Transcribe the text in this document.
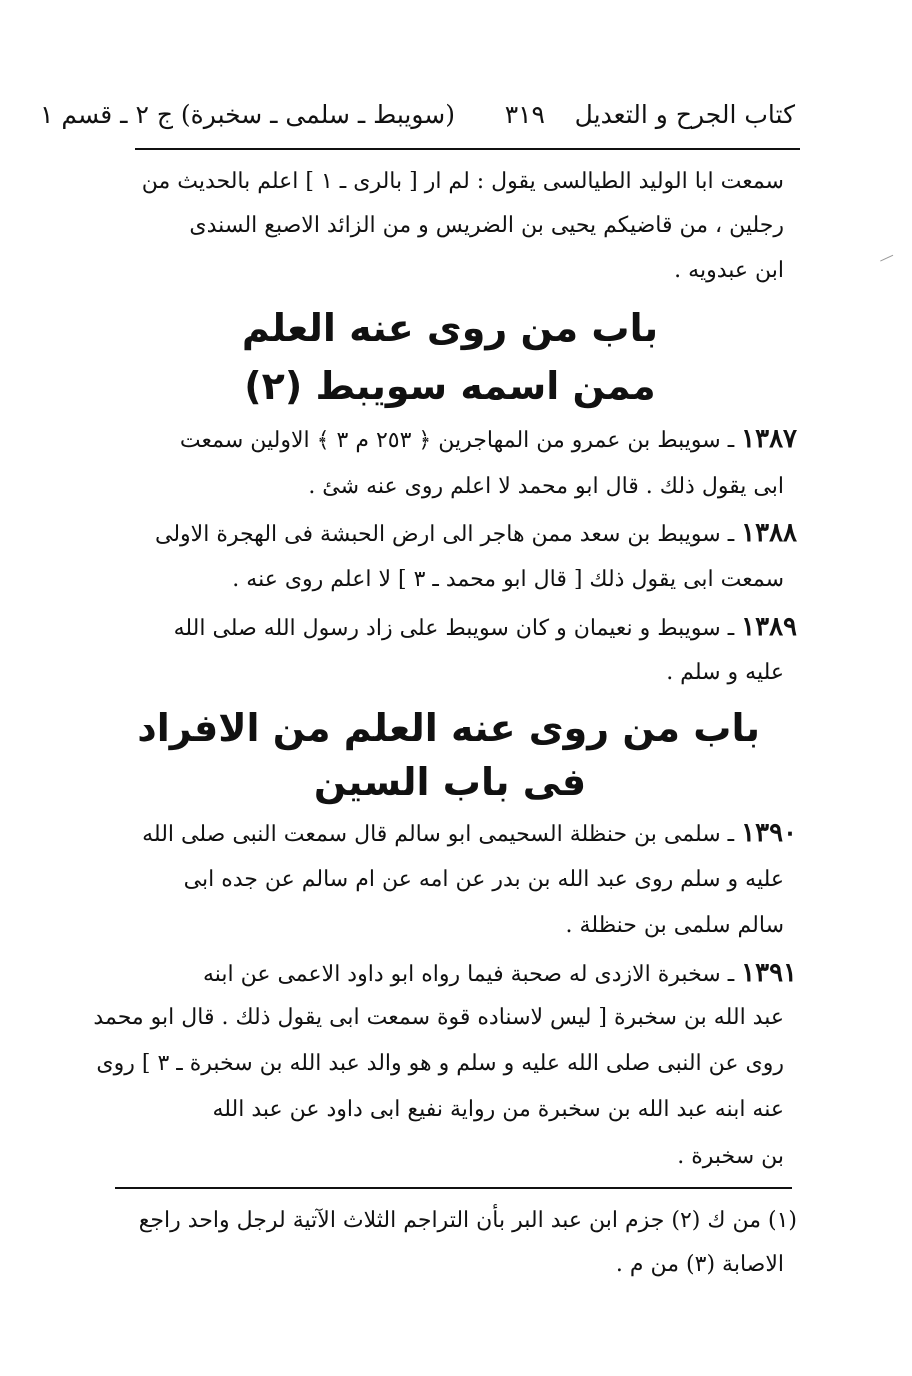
كتاب الجرح و التعديل
٣١٩
(سويبط ـ سلمى ـ سخبرة) ج ٢ ـ قسم ١
سمعت ابا الوليد الطيالسى يقول : لم ار [ بالرى ـ ١ ] اعلم بالحديث من
رجلين ، من قاضيكم يحيى بن الضريس و من الزائد الاصبع السندى
ابن عبدويه .
باب من روى عنه العلم
ممن اسمه سويبط (٢)
١٣٨٧ ـ سويبط بن عمرو من المهاجرين ﴿ ٢٥٣ م ٣ ﴾ الاولين سمعت
ابى يقول ذلك . قال ابو محمد لا اعلم روى عنه شئ .
١٣٨٨ ـ سويبط بن سعد ممن هاجر الى ارض الحبشة فى الهجرة الاولى
سمعت ابى يقول ذلك [ قال ابو محمد ـ ٣ ] لا اعلم روى عنه .
١٣٨٩ ـ سويبط و نعيمان و كان سويبط على زاد رسول الله صلى الله
عليه و سلم .
باب من روى عنه العلم من الافراد
فى باب السين
١٣٩٠ ـ سلمى بن حنظلة السحيمى ابو سالم قال سمعت النبى صلى الله
عليه و سلم روى عبد الله بن بدر عن امه عن ام سالم عن جده ابى
سالم سلمى بن حنظلة .
١٣٩١ ـ سخبرة الازدى له صحبة فيما رواه ابو داود الاعمى عن ابنه
عبد الله بن سخبرة [ ليس لاسناده قوة سمعت ابى يقول ذلك . قال ابو محمد
روى عن النبى صلى الله عليه و سلم و هو والد عبد الله بن سخبرة ـ ٣ ] روى
عنه ابنه عبد الله بن سخبرة من رواية نفيع ابى داود عن عبد الله
بن سخبرة .
(١) من ك (٢) جزم ابن عبد البر بأن التراجم الثلاث الآتية لرجل واحد راجع
الاصابة (٣) من م .
